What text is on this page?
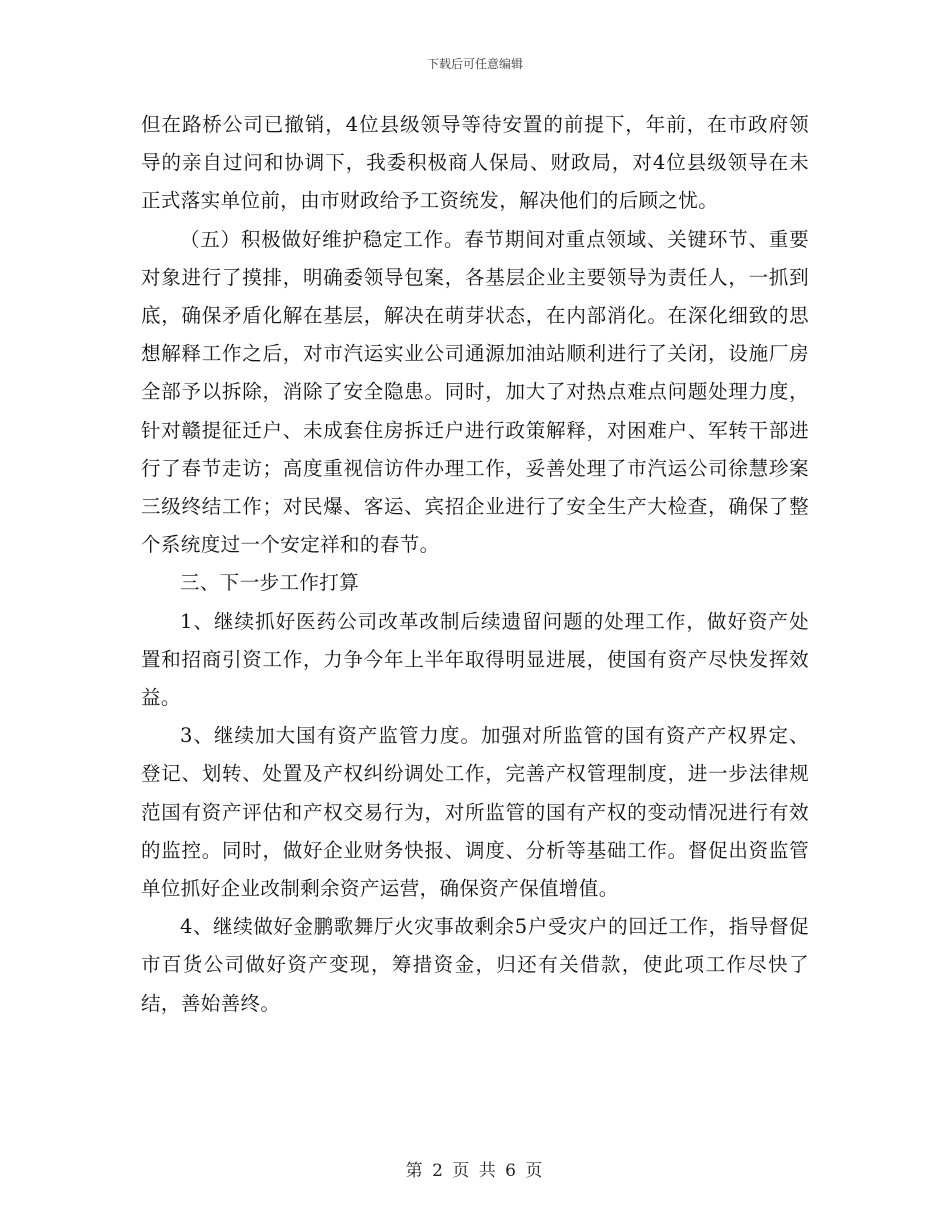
下载后可任意编辑

但在路桥公司已撤销，4位县级领导等待安置的前提下，年前，在市政府领导的亲自过问和协调下，我委积极商人保局、财政局，对4位县级领导在未正式落实单位前，由市财政给予工资统发，解决他们的后顾之忧。

（五）积极做好维护稳定工作。春节期间对重点领域、关键环节、重要对象进行了摸排，明确委领导包案，各基层企业主要领导为责任人，一抓到底，确保矛盾化解在基层，解决在萌芽状态，在内部消化。在深化细致的思想解释工作之后，对市汽运实业公司通源加油站顺利进行了关闭，设施厂房全部予以拆除，消除了安全隐患。同时，加大了对热点难点问题处理力度，针对赣提征迁户、未成套住房拆迁户进行政策解释，对困难户、军转干部进行了春节走访；高度重视信访件办理工作，妥善处理了市汽运公司徐慧珍案三级终结工作；对民爆、客运、宾招企业进行了安全生产大检查，确保了整个系统度过一个安定祥和的春节。

三、下一步工作打算

1、继续抓好医药公司改革改制后续遗留问题的处理工作，做好资产处置和招商引资工作，力争今年上半年取得明显进展，使国有资产尽快发挥效益。

3、继续加大国有资产监管力度。加强对所监管的国有资产产权界定、登记、划转、处置及产权纠纷调处工作，完善产权管理制度，进一步法律规范国有资产评估和产权交易行为，对所监管的国有产权的变动情况进行有效的监控。同时，做好企业财务快报、调度、分析等基础工作。督促出资监管单位抓好企业改制剩余资产运营，确保资产保值增值。

4、继续做好金鹏歌舞厅火灾事故剩余5户受灾户的回迁工作，指导督促市百货公司做好资产变现，筹措资金，归还有关借款，使此项工作尽快了结，善始善终。

第 2 页 共 6 页
